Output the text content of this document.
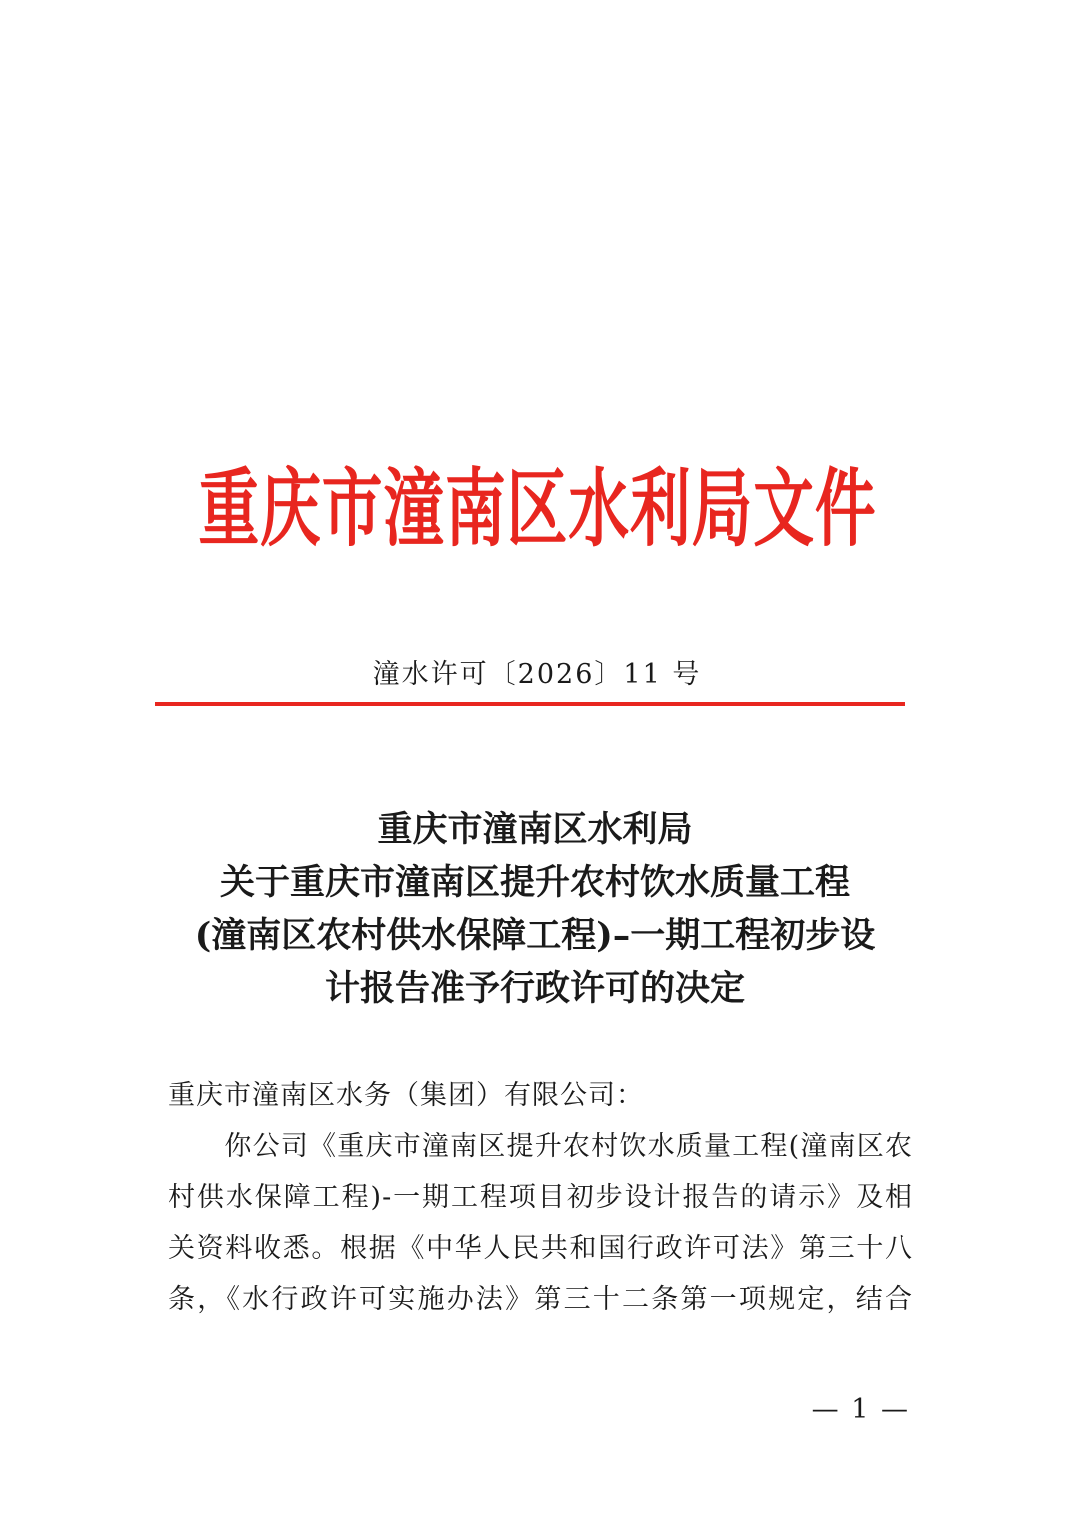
重庆市潼南区水利局文件
潼水许可〔2026〕11 号
重庆市潼南区水利局
关于重庆市潼南区提升农村饮水质量工程
(潼南区农村供水保障工程)–一期工程初步设
计报告准予行政许可的决定
重庆市潼南区水务（集团）有限公司：
　　你公司《重庆市潼南区提升农村饮水质量工程(潼南区农
村供水保障工程)-一期工程项目初步设计报告的请示》及相
关资料收悉。根据《中华人民共和国行政许可法》第三十八
条，《水行政许可实施办法》第三十二条第一项规定，结合
— 1 —
